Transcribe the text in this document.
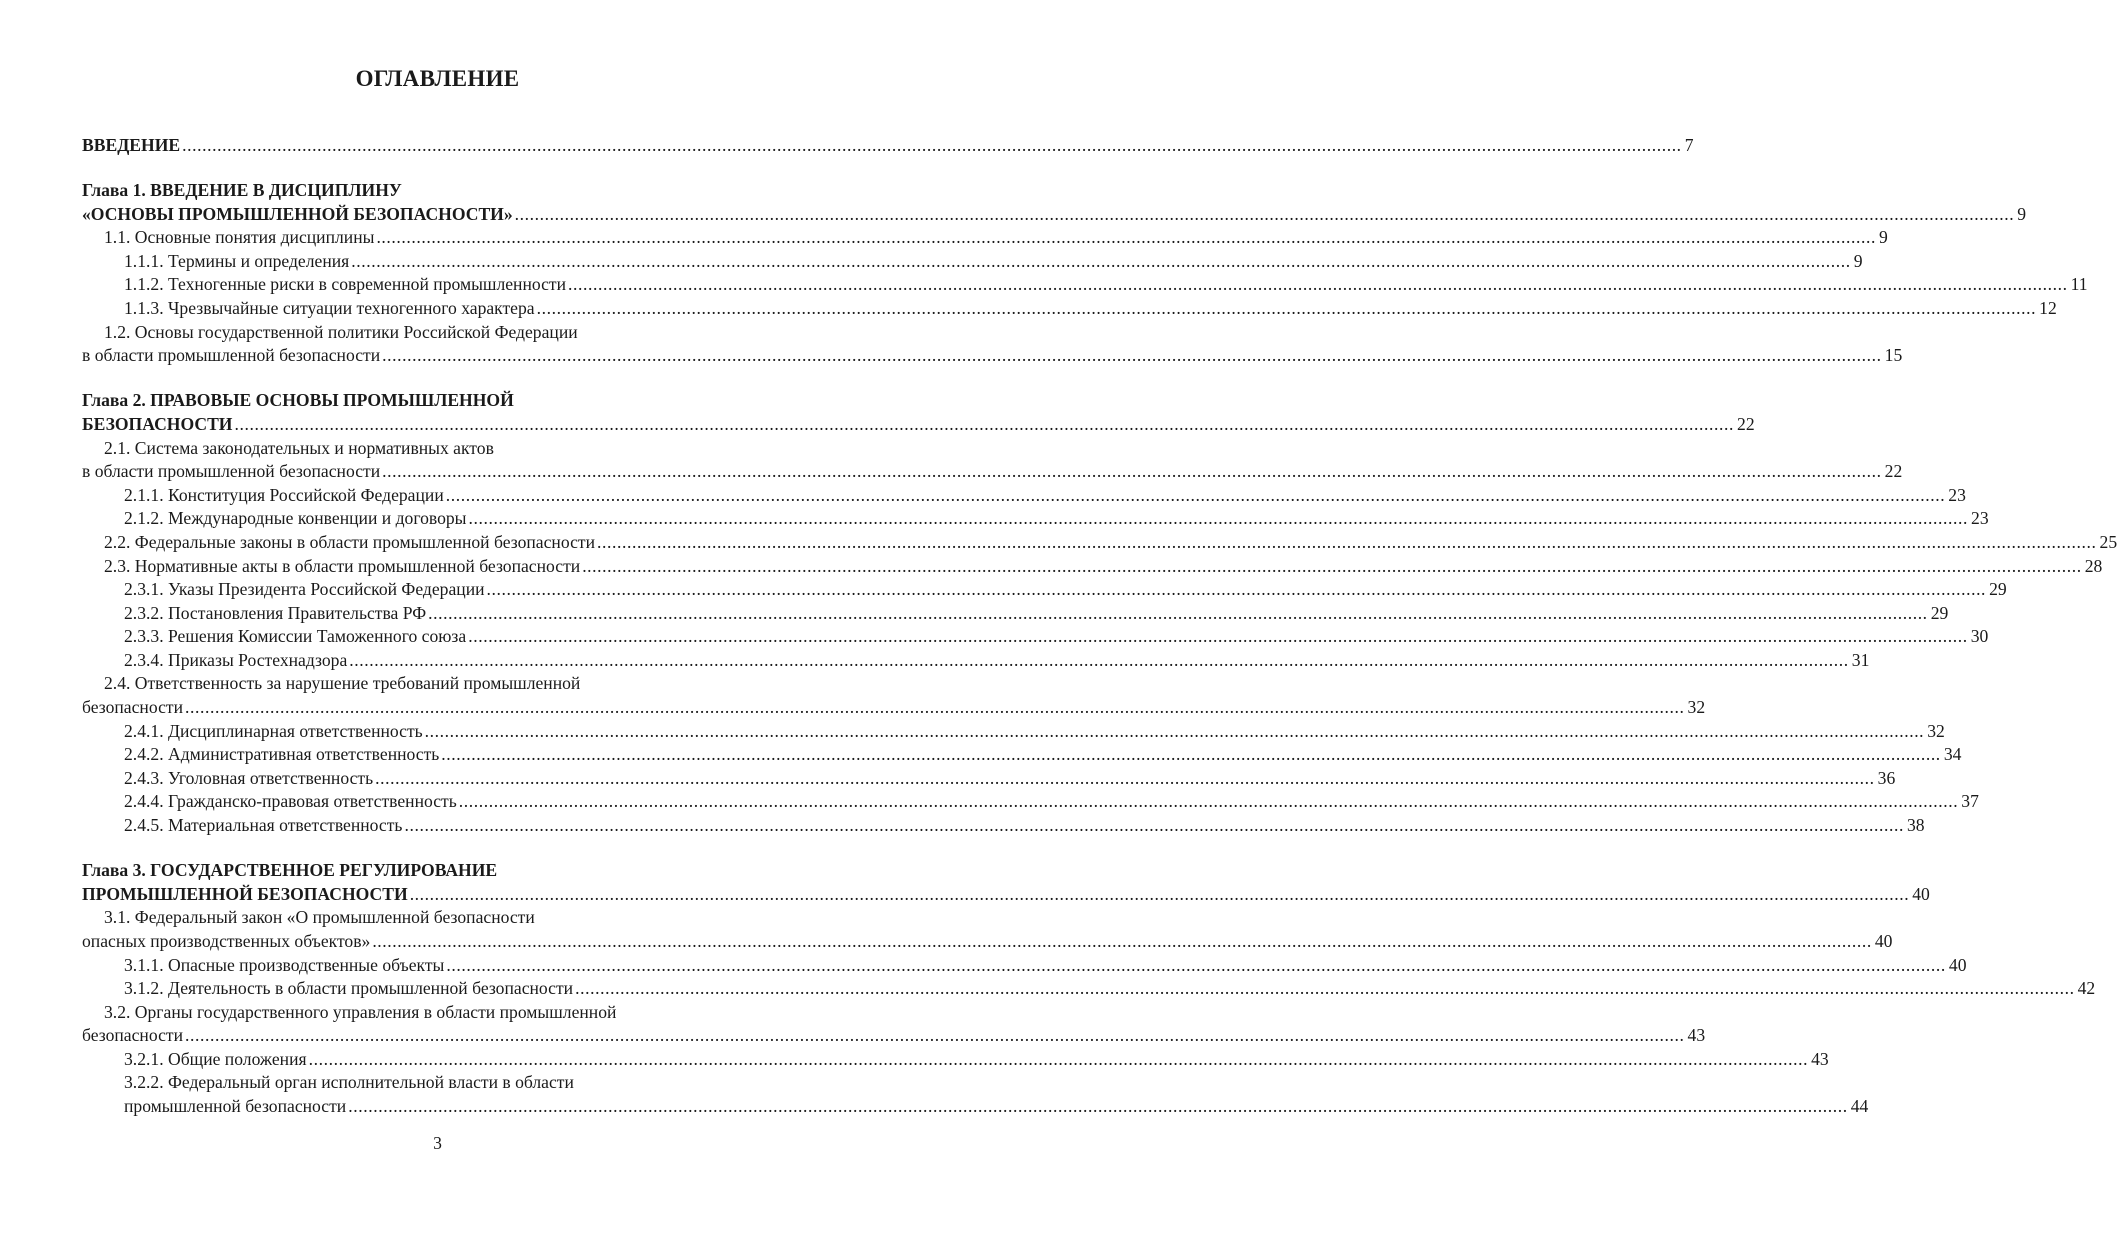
ОГЛАВЛЕНИЕ
ВВЕДЕНИЕ ............................................................................................................................................................................................................................................................................................................ 7
Глава 1. ВВЕДЕНИЕ В ДИСЦИПЛИНУ
«ОСНОВЫ ПРОМЫШЛЕННОЙ БЕЗОПАСНОСТИ» ............................................................................................................................................................................................................................................................................................................ 9
1.1. Основные понятия дисциплины ............................................................................................................................................................................................................................................................................................................ 9
1.1.1. Термины и определения ............................................................................................................................................................................................................................................................................................................ 9
1.1.2. Техногенные риски в современной промышленности ............................................................................................................................................................................................................................................................................................................ 11
1.1.3. Чрезвычайные ситуации техногенного характера ............................................................................................................................................................................................................................................................................................................ 12
1.2. Основы государственной политики Российской Федерации
в области промышленной безопасности ............................................................................................................................................................................................................................................................................................................ 15
Глава 2. ПРАВОВЫЕ ОСНОВЫ ПРОМЫШЛЕННОЙ
БЕЗОПАСНОСТИ ............................................................................................................................................................................................................................................................................................................ 22
2.1. Система законодательных и нормативных актов
в области промышленной безопасности ............................................................................................................................................................................................................................................................................................................ 22
2.1.1. Конституция Российской Федерации ............................................................................................................................................................................................................................................................................................................ 23
2.1.2. Международные конвенции и договоры ............................................................................................................................................................................................................................................................................................................ 23
2.2. Федеральные законы в области промышленной безопасности ............................................................................................................................................................................................................................................................................................................ 25
2.3. Нормативные акты в области промышленной безопасности ............................................................................................................................................................................................................................................................................................................ 28
2.3.1. Указы Президента Российской Федерации ............................................................................................................................................................................................................................................................................................................ 29
2.3.2. Постановления Правительства РФ ............................................................................................................................................................................................................................................................................................................ 29
2.3.3. Решения Комиссии Таможенного союза ............................................................................................................................................................................................................................................................................................................ 30
2.3.4. Приказы Ростехнадзора ............................................................................................................................................................................................................................................................................................................ 31
2.4. Ответственность за нарушение требований промышленной
безопасности ............................................................................................................................................................................................................................................................................................................ 32
2.4.1. Дисциплинарная ответственность ............................................................................................................................................................................................................................................................................................................ 32
2.4.2. Административная ответственность ............................................................................................................................................................................................................................................................................................................ 34
2.4.3. Уголовная ответственность ............................................................................................................................................................................................................................................................................................................ 36
2.4.4. Гражданско-правовая ответственность ............................................................................................................................................................................................................................................................................................................ 37
2.4.5. Материальная ответственность ............................................................................................................................................................................................................................................................................................................ 38
Глава 3. ГОСУДАРСТВЕННОЕ РЕГУЛИРОВАНИЕ
ПРОМЫШЛЕННОЙ БЕЗОПАСНОСТИ ............................................................................................................................................................................................................................................................................................................ 40
3.1. Федеральный закон «О промышленной безопасности
опасных производственных объектов» ............................................................................................................................................................................................................................................................................................................ 40
3.1.1. Опасные производственные объекты ............................................................................................................................................................................................................................................................................................................ 40
3.1.2. Деятельность в области промышленной безопасности ............................................................................................................................................................................................................................................................................................................ 42
3.2. Органы государственного управления в области промышленной
безопасности ............................................................................................................................................................................................................................................................................................................ 43
3.2.1. Общие положения ............................................................................................................................................................................................................................................................................................................ 43
3.2.2. Федеральный орган исполнительной власти в области
промышленной безопасности ............................................................................................................................................................................................................................................................................................................ 44
3
